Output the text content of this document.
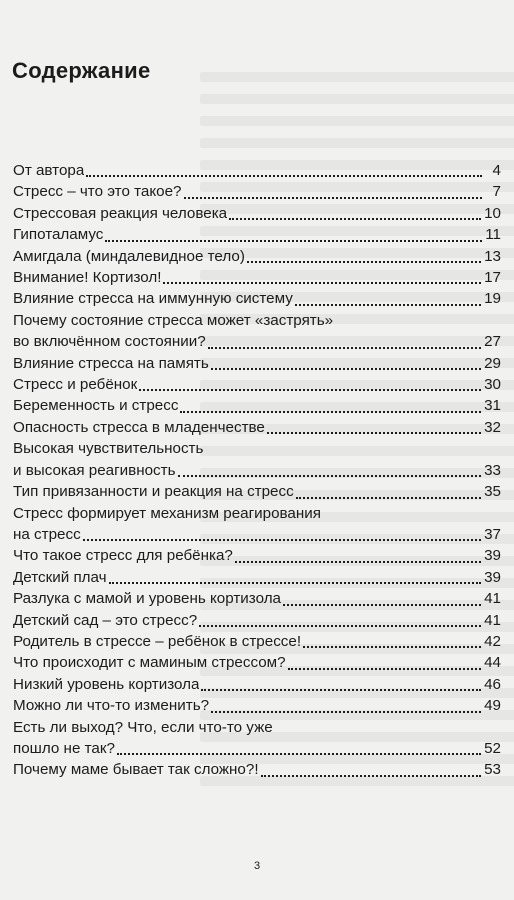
Содержание
От автора	4
Стресс – что это такое?	7
Стрессовая реакция человека	10
Гипоталамус	11
Амигдала (миндалевидное тело)	13
Внимание! Кортизол!	17
Влияние стресса на иммунную систему	19
Почему состояние стресса может «застрять»
во включённом состоянии?	27
Влияние стресса на память	29
Стресс и ребёнок	30
Беременность и стресс	31
Опасность стресса в младенчестве	32
Высокая чувствительность
и высокая реагивность	33
Тип привязанности и реакция на стресс	35
Стресс формирует механизм реагирования
на стресс	37
Что такое стресс для ребёнка?	39
Детский плач	39
Разлука с мамой и уровень кортизола	41
Детский сад – это стресс?	41
Родитель в стрессе – ребёнок в стрессе!	42
Что происходит с маминым стрессом?	44
Низкий уровень кортизола	46
Можно ли что-то изменить?	49
Есть ли выход? Что, если что-то уже
пошло не так?	52
Почему маме бывает так сложно?!	53
3
